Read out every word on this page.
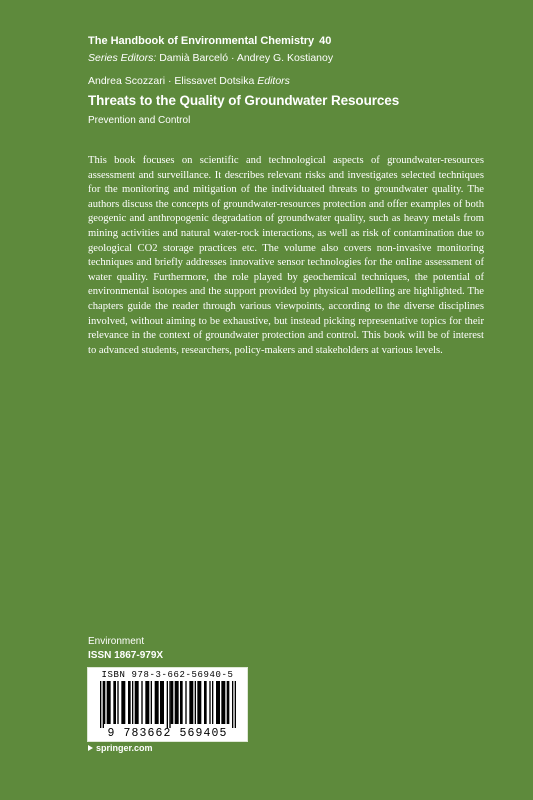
The Handbook of Environmental Chemistry 40
Series Editors: Damià Barceló · Andrey G. Kostianoy
Andrea Scozzari · Elissavet Dotsika Editors
Threats to the Quality of Groundwater Resources
Prevention and Control
This book focuses on scientific and technological aspects of groundwater-resources assessment and surveillance. It describes relevant risks and investigates selected techniques for the monitoring and mitigation of the individuated threats to groundwater quality. The authors discuss the concepts of groundwater-resources protection and offer examples of both geogenic and anthropogenic degradation of groundwater quality, such as heavy metals from mining activities and natural water-rock interactions, as well as risk of contamination due to geological CO2 storage practices etc. The volume also covers non-invasive monitoring techniques and briefly addresses innovative sensor technologies for the online assessment of water quality. Furthermore, the role played by geochemical techniques, the potential of environmental isotopes and the support provided by physical modelling are highlighted. The chapters guide the reader through various viewpoints, according to the diverse disciplines involved, without aiming to be exhaustive, but instead picking representative topics for their relevance in the context of groundwater protection and control. This book will be of interest to advanced students, researchers, policy-makers and stakeholders at various levels.
Environment
ISSN 1867-979X
ISBN 978-3-662-56940-5
9 783662 569405
springer.com
